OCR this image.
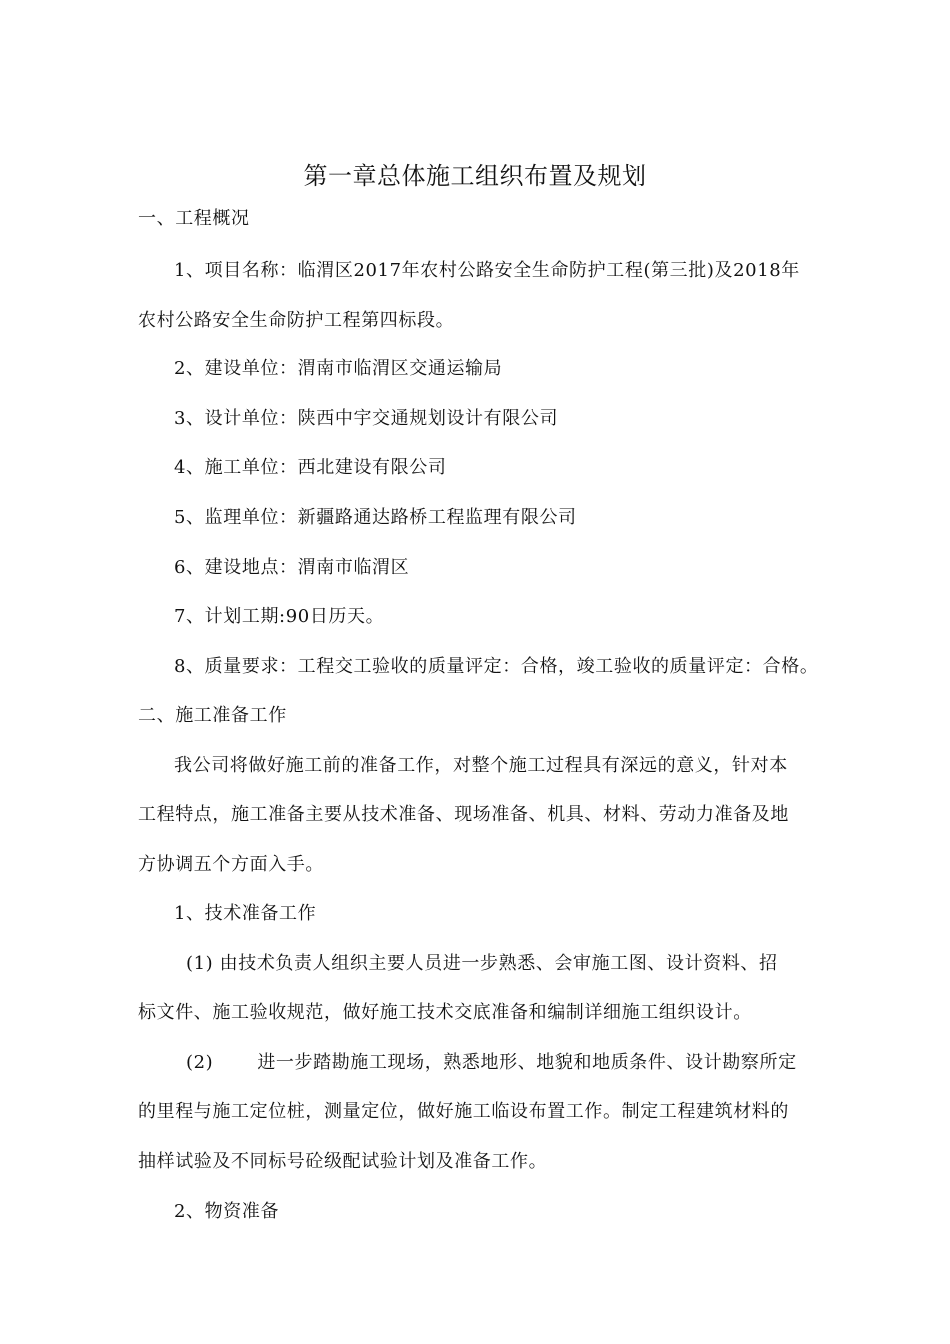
第一章总体施工组织布置及规划
一、工程概况
1、项目名称：临渭区2017年农村公路安全生命防护工程(第三批)及2018年
农村公路安全生命防护工程第四标段。
2、建设单位：渭南市临渭区交通运输局
3、设计单位：陕西中宇交通规划设计有限公司
4、施工单位：西北建设有限公司
5、监理单位：新疆路通达路桥工程监理有限公司
6、建设地点：渭南市临渭区
7、计划工期:90日历天。
8、质量要求：工程交工验收的质量评定：合格，竣工验收的质量评定：合格。
二、施工准备工作
我公司将做好施工前的准备工作，对整个施工过程具有深远的意义，针对本
工程特点，施工准备主要从技术准备、现场准备、机具、材料、劳动力准备及地
方协调五个方面入手。
1、技术准备工作
(1) 由技术负责人组织主要人员进一步熟悉、会审施工图、设计资料、招
标文件、施工验收规范，做好施工技术交底准备和编制详细施工组织设计。
(2) 进一步踏勘施工现场，熟悉地形、地貌和地质条件、设计勘察所定
的里程与施工定位桩，测量定位，做好施工临设布置工作。制定工程建筑材料的
抽样试验及不同标号砼级配试验计划及准备工作。
2、物资准备
